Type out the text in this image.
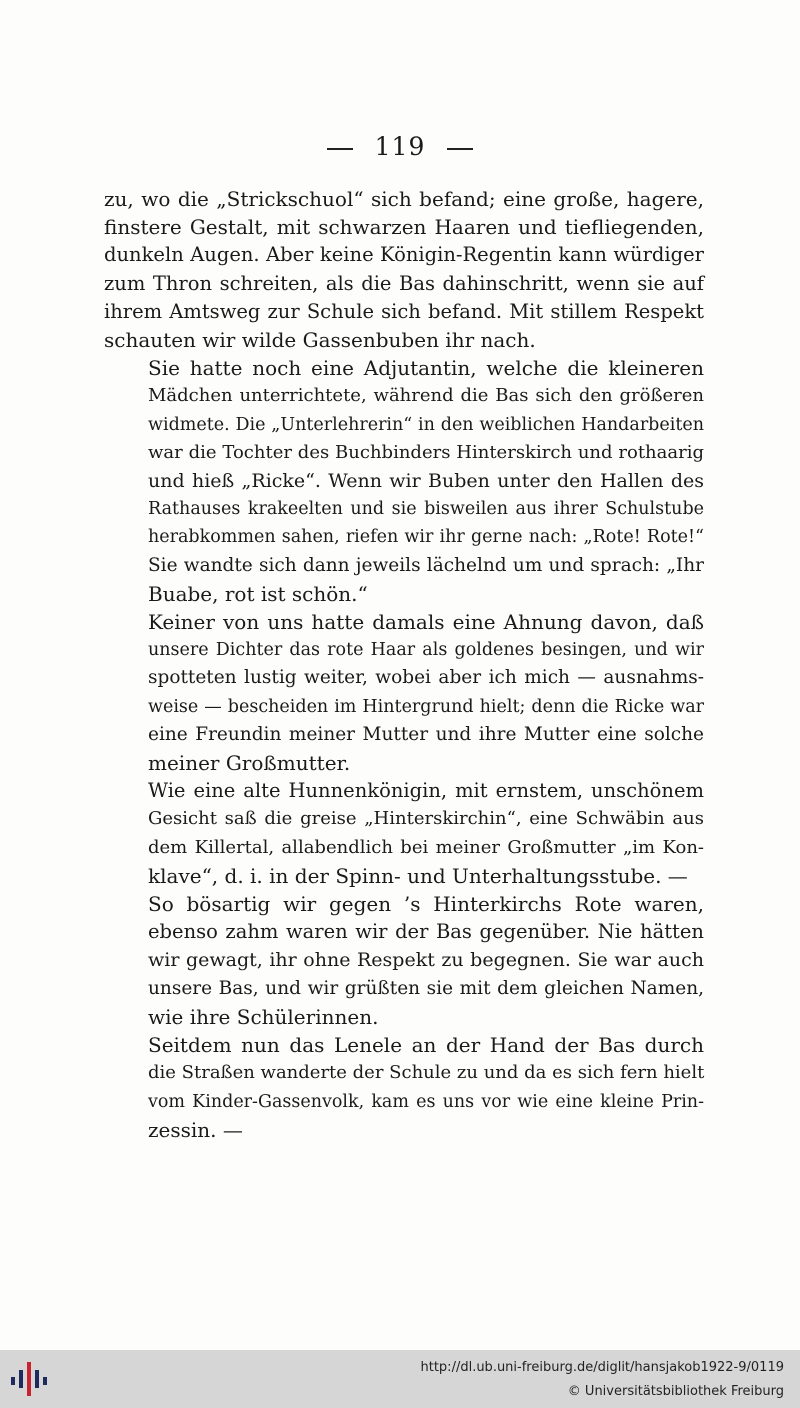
119

zu, wo die „Strickschuol“ sich befand; eine große, hagere,
finstere Gestalt, mit schwarzen Haaren und tiefliegenden,
dunkeln Augen. Aber keine Königin-Regentin kann würdiger
zum Thron schreiten, als die Bas dahinschritt, wenn sie auf
ihrem Amtsweg zur Schule sich befand. Mit stillem Respekt
schauten wir wilde Gassenbuben ihr nach.

Sie hatte noch eine Adjutantin, welche die kleineren
Mädchen unterrichtete, während die Bas sich den größeren
widmete. Die „Unterlehrerin“ in den weiblichen Handarbeiten
war die Tochter des Buchbinders Hinterskirch und rothaarig
und hieß „Ricke“. Wenn wir Buben unter den Hallen des
Rathauses krakeelten und sie bisweilen aus ihrer Schulstube
herabkommen sahen, riefen wir ihr gerne nach: „Rote! Rote!“
Sie wandte sich dann jeweils lächelnd um und sprach: „Ihr
Buabe, rot ist schön.“

Keiner von uns hatte damals eine Ahnung davon, daß
unsere Dichter das rote Haar als goldenes besingen, und wir
spotteten lustig weiter, wobei aber ich mich — ausnahms-
weise — bescheiden im Hintergrund hielt; denn die Ricke war
eine Freundin meiner Mutter und ihre Mutter eine solche
meiner Großmutter.

Wie eine alte Hunnenkönigin, mit ernstem, unschönem
Gesicht saß die greise „Hinterskirchin“, eine Schwäbin aus
dem Killertal, allabendlich bei meiner Großmutter „im Kon-
klave“, d. i. in der Spinn- und Unterhaltungsstube. —

So bösartig wir gegen ’s Hinterkirchs Rote waren,
ebenso zahm waren wir der Bas gegenüber. Nie hätten
wir gewagt, ihr ohne Respekt zu begegnen. Sie war auch
unsere Bas, und wir grüßten sie mit dem gleichen Namen,
wie ihre Schülerinnen.

Seitdem nun das Lenele an der Hand der Bas durch
die Straßen wanderte der Schule zu und da es sich fern hielt
vom Kinder-Gassenvolk, kam es uns vor wie eine kleine Prin-
zessin. —

http://dl.ub.uni-freiburg.de/diglit/hansjakob1922-9/0119
© Universitätsbibliothek Freiburg
